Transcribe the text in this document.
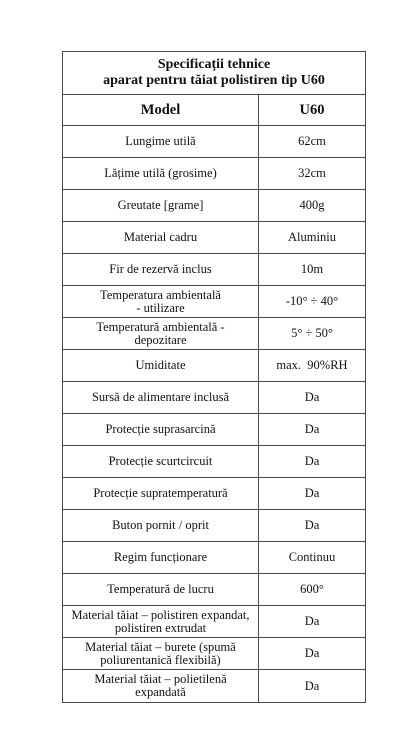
Specificații tehnice
aparat pentru tăiat polistiren tip U60	
Model	U60
Lungime utilă	62cm
Lățime utilă (grosime)	32cm
Greutate [grame]	400g
Material cadru	Aluminiu
Fir de rezervă inclus	10m
Temperatura ambientală
- utilizare	-10° ÷ 40°
Temperatură ambientală -
depozitare	5° ÷ 50°
Umiditate	max.  90%RH
Sursă de alimentare inclusă	Da
Protecție suprasarcină	Da
Protecție scurtcircuit	Da
Protecție supratemperatură	Da
Buton pornit / oprit	Da
Regim funcționare	Continuu
Temperatură de lucru	600°
Material tăiat – polistiren expandat,
polistiren extrudat	Da
Material tăiat – burete (spumă
poliurentanică flexibilă)	Da
Material tăiat – polietilenă
expandată	Da
